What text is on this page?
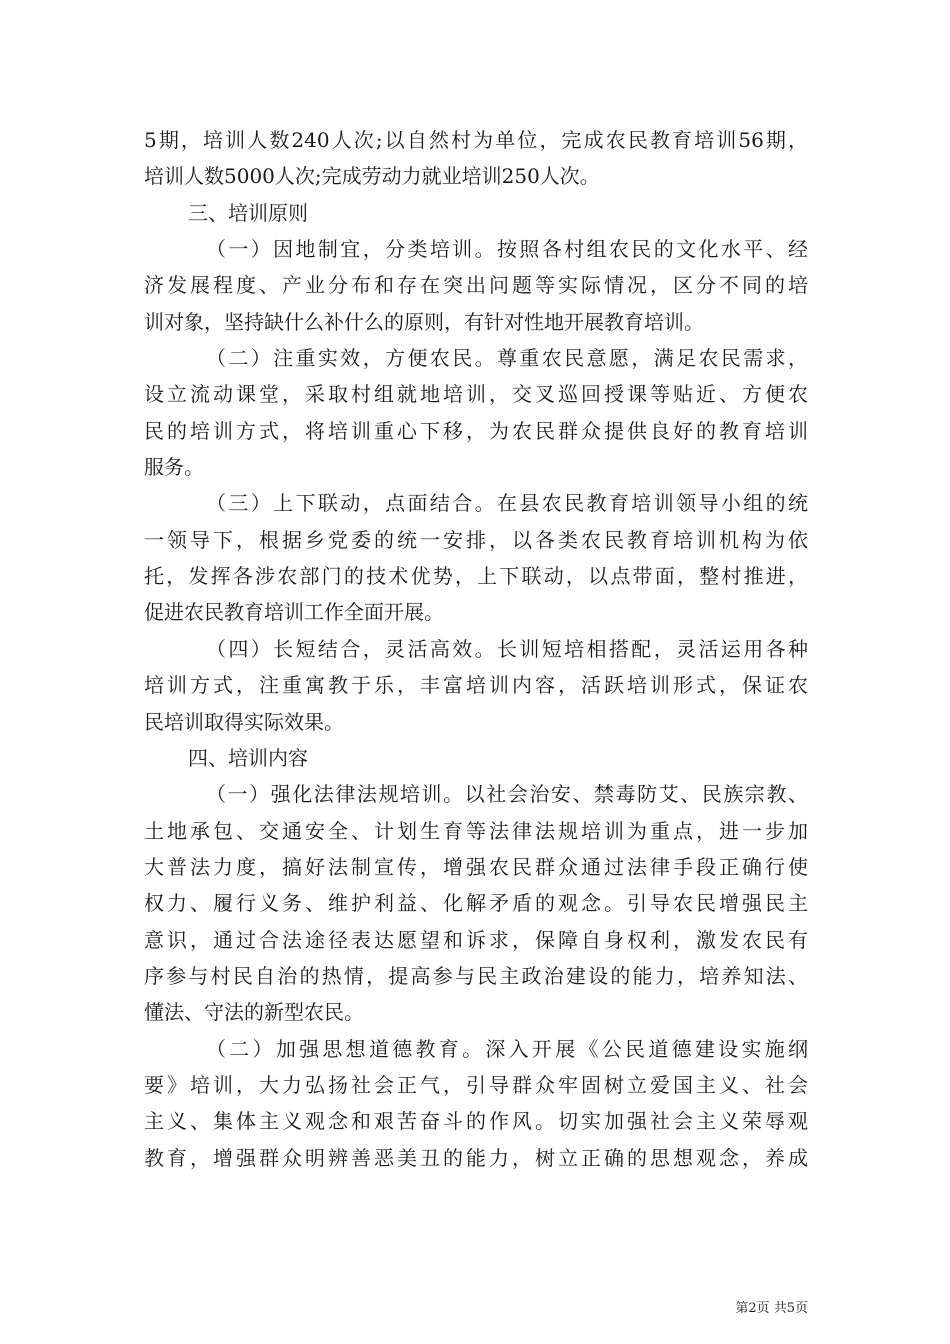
5期，培训人数240人次;以自然村为单位，完成农民教育培训56期，
培训人数5000人次;完成劳动力就业培训250人次。
三、培训原则
（一）因地制宜，分类培训。按照各村组农民的文化水平、经
济发展程度、产业分布和存在突出问题等实际情况，区分不同的培
训对象，坚持缺什么补什么的原则，有针对性地开展教育培训。
（二）注重实效，方便农民。尊重农民意愿，满足农民需求，
设立流动课堂，采取村组就地培训，交叉巡回授课等贴近、方便农
民的培训方式，将培训重心下移，为农民群众提供良好的教育培训
服务。
（三）上下联动，点面结合。在县农民教育培训领导小组的统
一领导下，根据乡党委的统一安排，以各类农民教育培训机构为依
托，发挥各涉农部门的技术优势，上下联动，以点带面，整村推进，
促进农民教育培训工作全面开展。
（四）长短结合，灵活高效。长训短培相搭配，灵活运用各种
培训方式，注重寓教于乐，丰富培训内容，活跃培训形式，保证农
民培训取得实际效果。
四、培训内容
（一）强化法律法规培训。以社会治安、禁毒防艾、民族宗教、
土地承包、交通安全、计划生育等法律法规培训为重点，进一步加
大普法力度，搞好法制宣传，增强农民群众通过法律手段正确行使
权力、履行义务、维护利益、化解矛盾的观念。引导农民增强民主
意识，通过合法途径表达愿望和诉求，保障自身权利，激发农民有
序参与村民自治的热情，提高参与民主政治建设的能力，培养知法、
懂法、守法的新型农民。
（二）加强思想道德教育。深入开展《公民道德建设实施纲
要》培训，大力弘扬社会正气，引导群众牢固树立爱国主义、社会
主义、集体主义观念和艰苦奋斗的作风。切实加强社会主义荣辱观
教育，增强群众明辨善恶美丑的能力，树立正确的思想观念，养成
第2页 共5页
